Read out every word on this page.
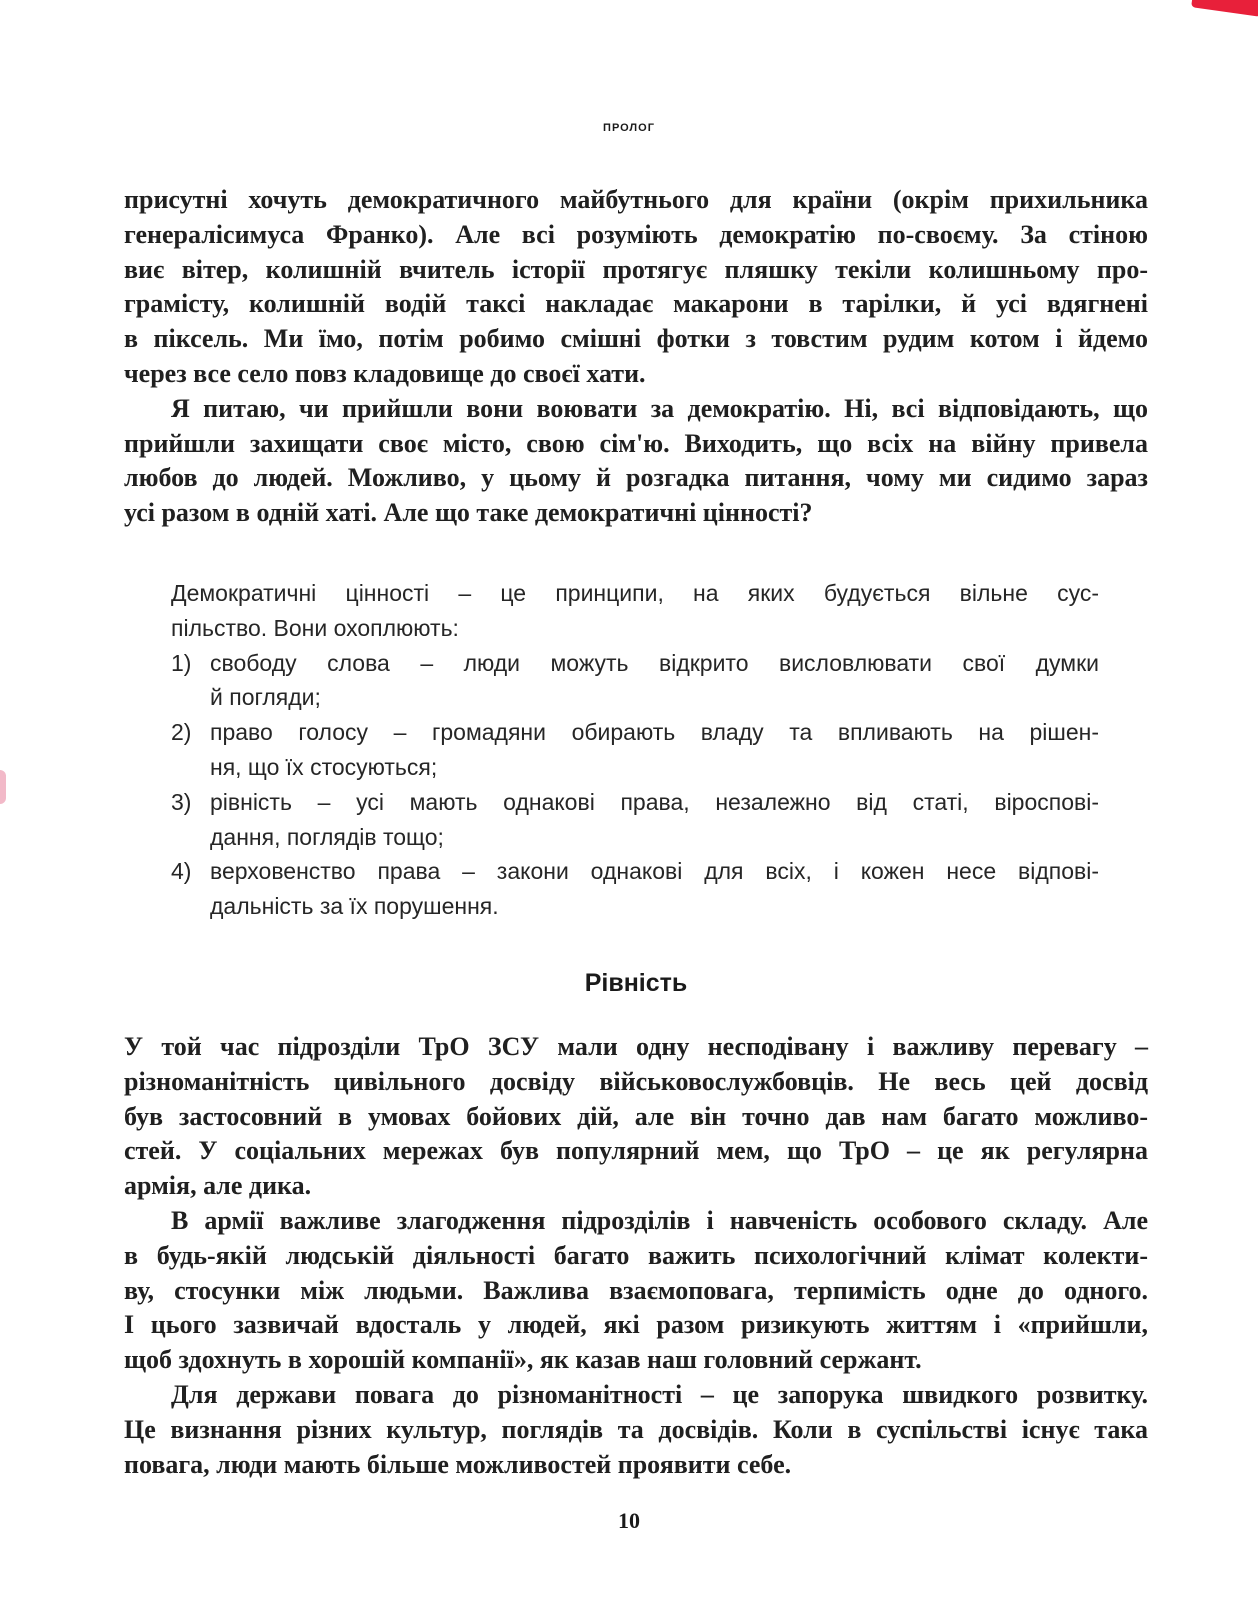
пролог

присутні хочуть демократичного майбутнього для країни (окрім прихильника
генералісимуса Франко). Але всі розуміють демократію по-своєму. За стіною
виє вітер, колишній вчитель історії протягує пляшку текіли колишньому про-
грамісту, колишній водій таксі накладає макарони в тарілки, й усі вдягнені
в піксель. Ми їмо, потім робимо смішні фотки з товстим рудим котом і йдемо
через все село повз кладовище до своєї хати.

Я питаю, чи прийшли вони воювати за демократію. Ні, всі відповідають, що
прийшли захищати своє місто, свою сім'ю. Виходить, що всіх на війну привела
любов до людей. Можливо, у цьому й розгадка питання, чому ми сидимо зараз
усі разом в одній хаті. Але що таке демократичні цінності?

Демократичні цінності – це принципи, на яких будується вільне сус-
пільство. Вони охоплюють:
1) свободу слова – люди можуть відкрито висловлювати свої думки
й погляди;
2) право голосу – громадяни обирають владу та впливають на рішен-
ня, що їх стосуються;
3) рівність – усі мають однакові права, незалежно від статі, віроспові-
дання, поглядів тощо;
4) верховенство права – закони однакові для всіх, і кожен несе відпові-
дальність за їх порушення.
Рівність

У той час підрозділи ТрО ЗСУ мали одну несподівану і важливу перевагу –
різноманітність цивільного досвіду військовослужбовців. Не весь цей досвід
був застосовний в умовах бойових дій, але він точно дав нам багато можливо-
стей. У соціальних мережах був популярний мем, що ТрО – це як регулярна
армія, але дика.

В армії важливе злагодження підрозділів і навченість особового складу. Але
в будь-якій людській діяльності багато важить психологічний клімат колекти-
ву, стосунки між людьми. Важлива взаємоповага, терпимість одне до одного.
І цього зазвичай вдосталь у людей, які разом ризикують життям і «прийшли,
щоб здохнуть в хорошій компанії», як казав наш головний сержант.

Для держави повага до різноманітності – це запорука швидкого розвитку.
Це визнання різних культур, поглядів та досвідів. Коли в суспільстві існує така
повага, люди мають більше можливостей проявити себе.

10
